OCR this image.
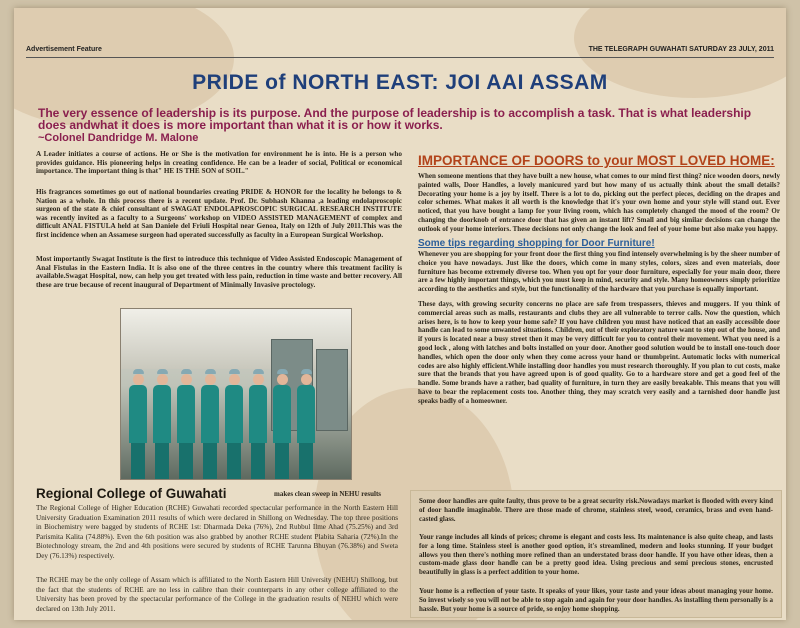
Advertisement Feature	THE TELEGRAPH GUWAHATI SATURDAY 23 JULY, 2011
PRIDE of NORTH EAST: JOI AAI ASSAM
The very essence of leadership is its purpose. And the purpose of leadership is to accomplish a task. That is what leadership does andwhat it does is more important than what it is or how it works.
~Colonel Dandridge M. Malone
A Leader initiates a course of actions. He or She is the motivation for environment he is into. He is a person who provides guidance. His pioneering helps in creating confidence. He can be a leader of social, Political or economical importance. The important thing is that" HE IS THE SON of SOIL."
His fragrances sometimes go out of national boundaries creating PRIDE & HONOR for the locality he belongs to & Nation as a whole. In this process there is a recent update. Prof. Dr. Subhash Khanna ,a leading endolaproscopic surgeon of the state & chief consultant of SWAGAT ENDOLAPROSCOPIC SURGICAL RESEARCH INSTITUTE was recently invited as a faculty to a Surgeons' workshop on VIDEO ASSISTED MANAGEMENT of complex and difficult ANAL FISTULA held at San Daniele del Friuli Hospital near Genoa, Italy on 12th of July 2011.This was the first incidence when an Assamese surgeon had operated successfully as faculty in a European Surgical Workshop.
Most importantly Swagat Institute is the first to introduce this technique of Video Assisted Endoscopic Management of Anal Fistulas in the Eastern India. It is also one of the three centres in the country where this treatment facility is available.Swagat Hospital, now, can help you get treated with less pain, reduction in time waste and better recovery. All these are true because of recent inaugural of Department of Minimally Invasive proctology.
Regional College of Guwahati	makes clean sweep in NEHU results
The Regional College of Higher Education (RCHE) Guwahati recorded spectacular performance in the North Eastern Hill University Graduation Examination 2011 results of which were declared in Shillong on Wednesday. The top three positions in Biochemistry were bagged by students of RCHE 1st: Dharmada Deka (76%), 2nd Rubbul Ilme Ahad (75.25%) and 3rd Parismita Kalita (74.88%). Even the 6th position was also grabbed by another RCHE student Plabita Saharia (72%).In the Biotechnology stream, the 2nd and 4th positions were secured by students of RCHE Tarunna Bhuyan (76.38%) and Sweta Dey (76.13%) respectively.
The RCHE may be the only college of Assam which is affiliated to the North Eastern Hill University (NEHU) Shillong, but the fact that the students of RCHE are no less in calibre than their counterparts in any other college affiliated to the University has been proved by the spectacular performance of the College in the graduation results of NEHU which were declared on 13th July 2011.
IMPORTANCE OF DOORS to your MOST LOVED HOME:
When someone mentions that they have built a new house, what comes to our mind first thing? nice wooden doors, newly painted walls, Door Handles, a lovely manicured yard but how many of us actually think about the small details? Decorating your home is a joy by itself. There is a lot to do, picking out the perfect pieces, deciding on the drapes and color schemes. What makes it all worth is the knowledge that it's your own home and your style will stand out. Ever noticed, that you have bought a lamp for your living room, which has completely changed the mood of the room? Or changing the doorknob of entrance door that has given an instant lift? Small and big similar decisions can change the outlook of your home interiors. These decisions not only change the look and feel of your home but also make you happy.
Some tips regarding shopping for Door Furniture!
Whenever you are shopping for your front door the first thing you find intensely overwhelming is by the sheer number of choice you have nowadays. Just like the doors, which come in many styles, colors, sizes and even materials, door furniture has become extremely diverse too. When you opt for your door furniture, especially for your main door, there are a few highly important things, which you must keep in mind, security and style. Many homeowners simply prioritize according to the aesthetics and style, but the functionality of the hardware that you purchase is equally important.
These days, with growing security concerns no place are safe from trespassers, thieves and muggers. If you think of commercial areas such as malls, restaurants and clubs they are all vulnerable to terror calls. Now the question, which arises here, is to how to keep your home safe? If you have children you must have noticed that an easily accessible door handle can lead to some unwanted situations. Children, out of their exploratory nature want to step out of the house, and if yours is located near a busy street then it may be very difficult for you to control their movement. What you need is a good lock , along with latches and bolts installed on your door. Another good solution would be to install one-touch door handles, which open the door only when they come across your hand or thumbprint. Automatic locks with numerical codes are also highly efficient.While installing door handles you must research thoroughly. If you plan to cut costs, make sure that the brands that you have agreed upon is of good quality. Go to a hardware store and get a good feel of the handle. Some brands have a rather, bad quality of furniture, in turn they are easily breakable. This means that you will have to bear the replacement costs too. Another thing, they may scratch very easily and a tarnished door handle just speaks badly of a homeowner.

Some door handles are quite faulty, thus prove to be a great security risk.Nowadays market is flooded with every kind of door handle imaginable. There are those made of chrome, stainless steel, wood, ceramics, brass and even hand-casted glass.

Your range includes all kinds of prices; chrome is elegant and costs less. Its maintenance is also quite cheap, and lasts for a long time. Stainless steel is another good option, it's streamlined, modern and looks stunning. If your budget allows you then there's nothing more refined than an understated brass door handle. If you have other ideas, then a custom-made glass door handle can be a pretty good idea. Using precious and semi precious stones, encrusted beautifully in glass is a perfect addition to your home.

Your home is a reflection of your taste. It speaks of your likes, your taste and your ideas about managing your home. So invest wisely so you will not be able to stop again and again for your door handles. As installing them personally is a hassle. But your home is a source of pride, so enjoy home shopping.
